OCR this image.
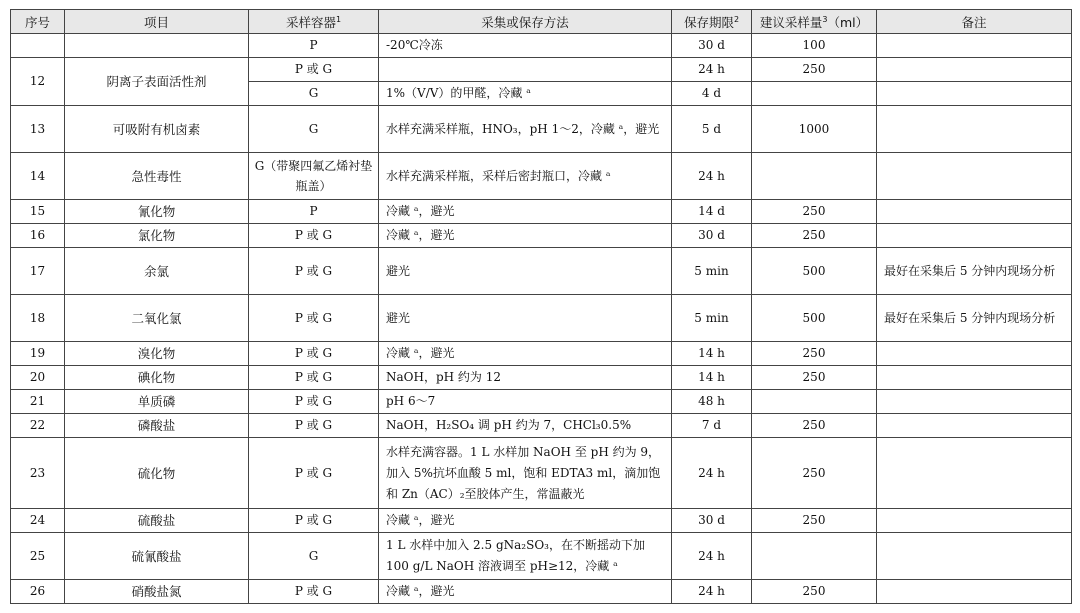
序号	项目	采样容器$^1$	采集或保存方法	保存期限$^2$	建议采样量$^3$（ml）	备注
		P	-20℃冷冻	30 d	100	
12	阴离子表面活性剂	P 或 G		24 h	250	
		G	1%（V/V）的甲醛，冷藏 ᵃ	4 d		
13	可吸附有机卤素	G	水样充满采样瓶，HNO₃，pH 1～2，冷藏 ᵃ，避光	5 d	1000	
14	急性毒性	G（带聚四氟乙烯衬垫瓶盖）	水样充满采样瓶，采样后密封瓶口，冷藏 ᵃ	24 h		
15	氰化物	P	冷藏 ᵃ，避光	14 d	250	
16	氯化物	P 或 G	冷藏 ᵃ，避光	30 d	250	
17	余氯	P 或 G	避光	5 min	500	最好在采集后 5 分钟内现场分析
18	二氧化氯	P 或 G	避光	5 min	500	最好在采集后 5 分钟内现场分析
19	溴化物	P 或 G	冷藏 ᵃ，避光	14 h	250	
20	碘化物	P 或 G	NaOH，pH 约为 12	14 h	250	
21	单质磷	P 或 G	pH 6～7	48 h		
22	磷酸盐	P 或 G	NaOH，H₂SO₄ 调 pH 约为 7，CHCl₃0.5%	7 d	250	
23	硫化物	P 或 G	水样充满容器。1 L 水样加 NaOH 至 pH 约为 9，加入 5%抗坏血酸 5 ml，饱和 EDTA3 ml，滴加饱和 Zn（AC）₂至胶体产生，常温蔽光	24 h	250	
24	硫酸盐	P 或 G	冷藏 ᵃ，避光	30 d	250	
25	硫氰酸盐	G	1 L 水样中加入 2.5 gNa₂SO₃，在不断摇动下加 100 g/L NaOH 溶液调至 pH≥12，冷藏 ᵃ	24 h		
26	硝酸盐氮	P 或 G	冷藏 ᵃ，避光	24 h	250	
